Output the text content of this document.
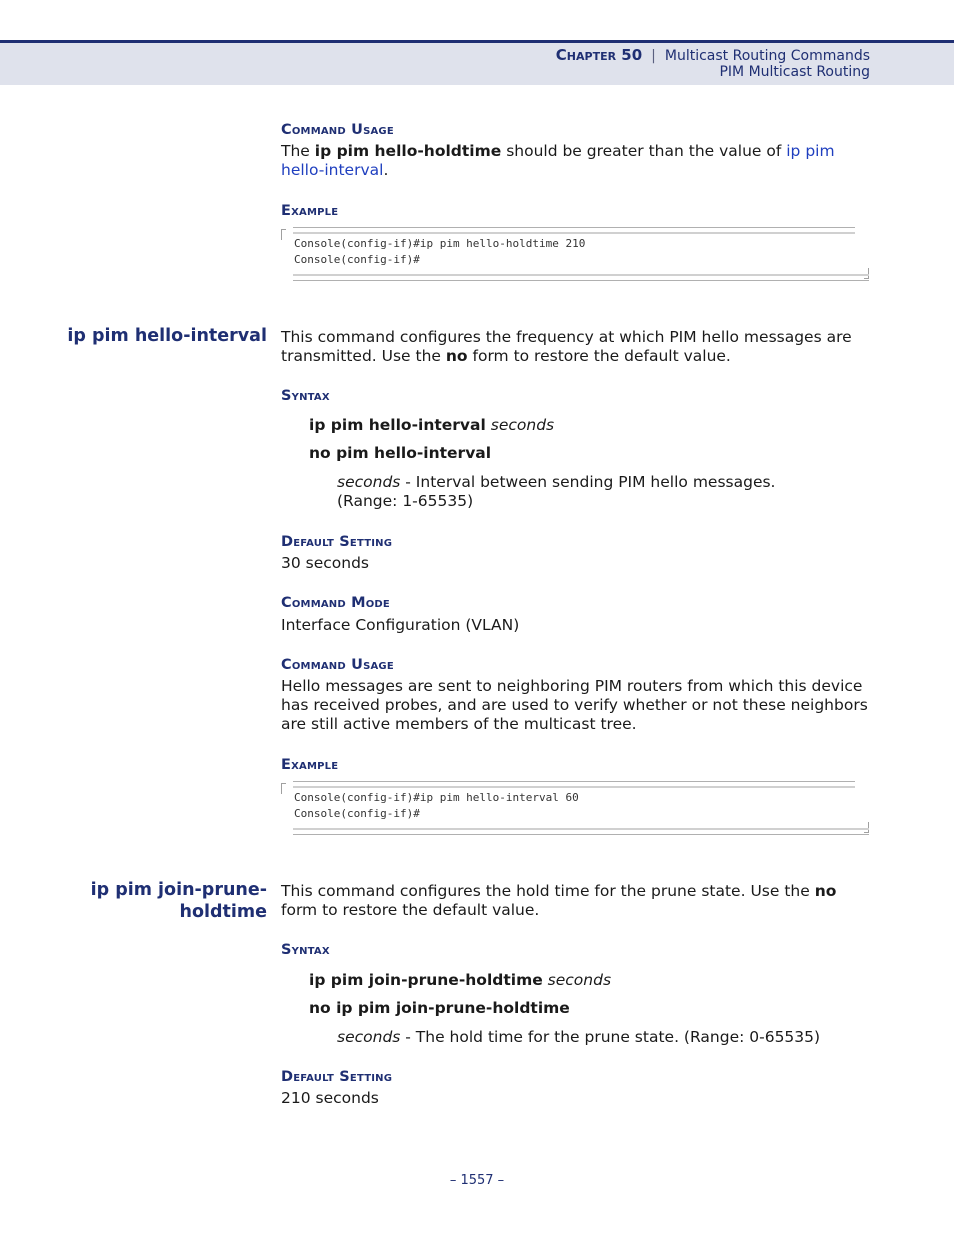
Chapter 50 | Multicast Routing Commands
PIM Multicast Routing
Command Usage
The ip pim hello-holdtime should be greater than the value of ip pim hello-interval.
Example
Console(config-if)#ip pim hello-holdtime 210
Console(config-if)#
ip pim hello-interval This command configures the frequency at which PIM hello messages are transmitted. Use the no form to restore the default value.
Syntax
ip pim hello-interval seconds
no pim hello-interval
seconds - Interval between sending PIM hello messages.
(Range: 1-65535)
Default Setting
30 seconds
Command Mode
Interface Configuration (VLAN)
Command Usage
Hello messages are sent to neighboring PIM routers from which this device has received probes, and are used to verify whether or not these neighbors are still active members of the multicast tree.
Example
Console(config-if)#ip pim hello-interval 60
Console(config-if)#
ip pim join-prune-
holdtime
This command configures the hold time for the prune state. Use the no form to restore the default value.
Syntax
ip pim join-prune-holdtime seconds
no ip pim join-prune-holdtime
seconds - The hold time for the prune state. (Range: 0-65535)
Default Setting
210 seconds
– 1557 –
